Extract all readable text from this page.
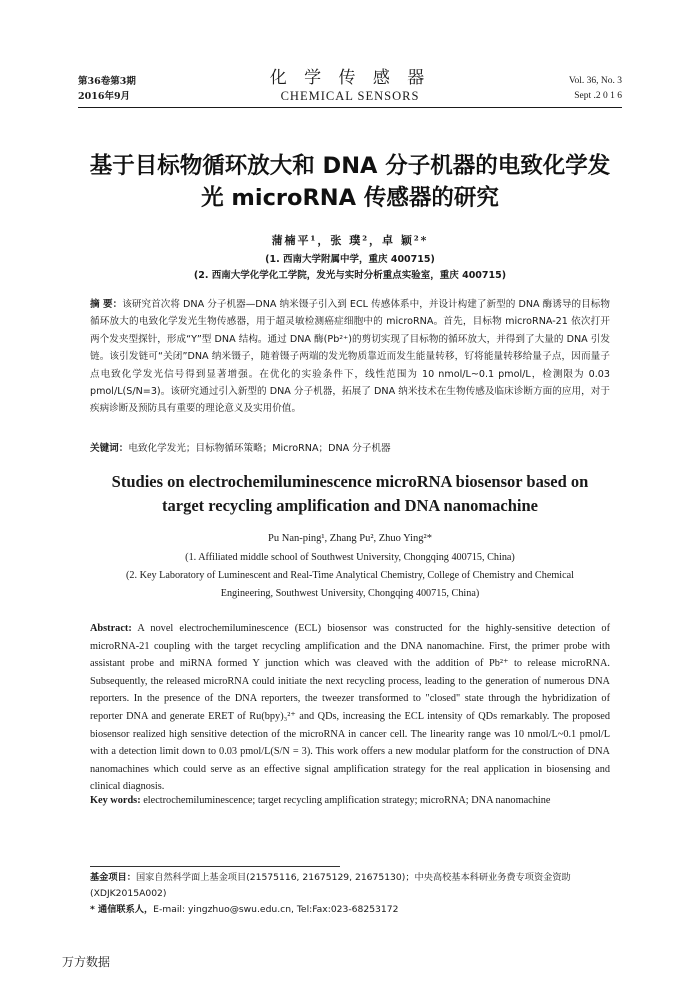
第36卷第3期
2016年9月
化 学 传 感 器
CHEMICAL SENSORS
Vol. 36, No. 3
Sept .2 0 1 6
基于目标物循环放大和 DNA 分子机器的电致化学发
光 microRNA 传感器的研究
蒲楠平¹，张 璞²，卓 颖²*
(1. 西南大学附属中学，重庆 400715)
(2. 西南大学化学化工学院，发光与实时分析重点实验室，重庆 400715)
摘 要：该研究首次将 DNA 分子机器—DNA 纳米镊子引入到 ECL 传感体系中，并设计构建了新型的 DNA 酶诱导的目标物循环放大的电致化学发光生物传感器，用于超灵敏检测癌症细胞中的 microRNA。首先，目标物 microRNA-21 依次打开两个发夹型探针，形成“Y”型 DNA 结构。通过 DNA 酶(Pb²⁺)的剪切实现了目标物的循环放大，并得到了大量的 DNA 引发链。该引发链可“关闭”DNA 纳米镊子，随着镊子两端的发光物质靠近而发生能量转移，钌将能量转移给量子点，因而量子点电致化学发光信号得到显著增强。在优化的实验条件下，线性范围为 10 nmol/L~0.1 pmol/L，检测限为 0.03 pmol/L(S/N=3)。该研究通过引入新型的 DNA 分子机器，拓展了 DNA 纳米技术在生物传感及临床诊断方面的应用，对于疾病诊断及预防具有重要的理论意义及实用价值。
关键词：电致化学发光；目标物循环策略；MicroRNA；DNA 分子机器
Studies on electrochemiluminescence microRNA biosensor based on
target recycling amplification and DNA nanomachine
Pu Nan-ping¹, Zhang Pu², Zhuo Ying²*
(1. Affiliated middle school of Southwest University, Chongqing 400715, China)
(2. Key Laboratory of Luminescent and Real-Time Analytical Chemistry, College of Chemistry and Chemical Engineering, Southwest University, Chongqing 400715, China)
Abstract: A novel electrochemiluminescence (ECL) biosensor was constructed for the highly-sensitive detection of microRNA-21 coupling with the target recycling amplification and the DNA nanomachine. First, the primer probe with assistant probe and miRNA formed Y junction which was cleaved with the addition of Pb²⁺ to release microRNA. Subsequently, the released microRNA could initiate the next recycling process, leading to the generation of numerous DNA reporters. In the presence of the DNA reporters, the tweezer transformed to "closed" state through the hybridization of reporter DNA and generate ERET of Ru(bpy)₃²⁺ and QDs, increasing the ECL intensity of QDs remarkably. The proposed biosensor realized high sensitive detection of the microRNA in cancer cell. The linearity range was 10 nmol/L~0.1 pmol/L with a detection limit down to 0.03 pmol/L(S/N = 3). This work offers a new modular platform for the construction of DNA nanomachines which could serve as an effective signal amplification strategy for the real application in biosensing and clinical diagnosis.
Key words: electrochemiluminescence; target recycling amplification strategy; microRNA; DNA nanomachine
基金项目：国家自然科学面上基金项目(21575116, 21675129, 21675130)；中央高校基本科研业务费专项资金资助(XDJK2015A002)
* 通信联系人，E-mail: yingzhuo@swu.edu.cn, Tel:Fax:023-68253172
万方数据
